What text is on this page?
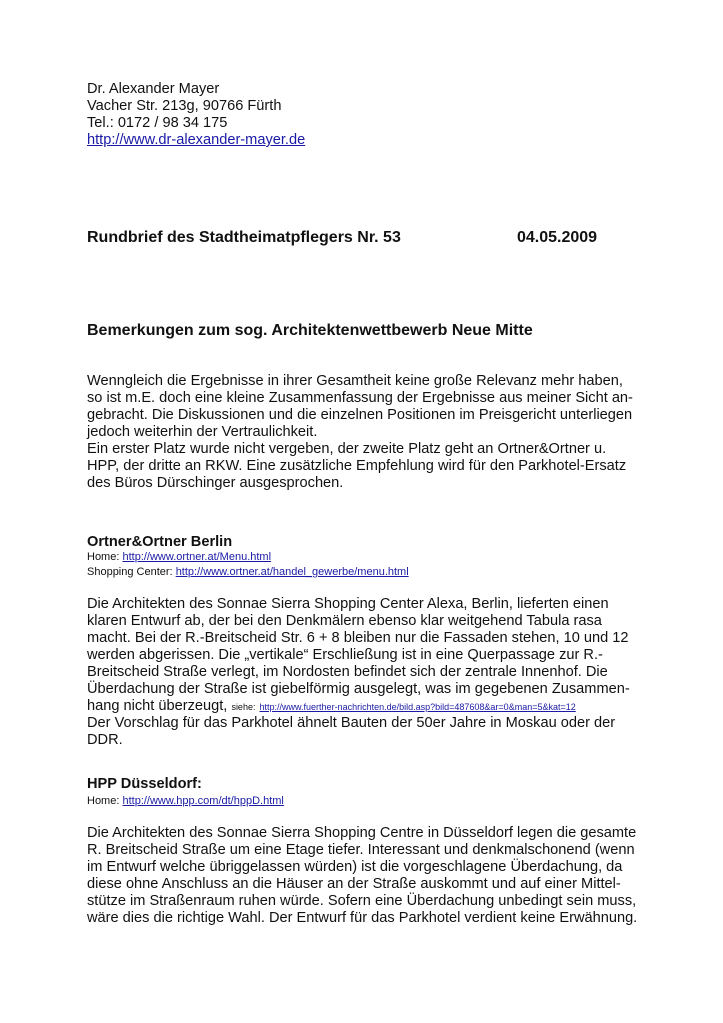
Dr. Alexander Mayer
Vacher Str. 213g, 90766 Fürth
Tel.: 0172 / 98 34 175
http://www.dr-alexander-mayer.de
Rundbrief des Stadtheimatpflegers Nr. 53	04.05.2009
Bemerkungen zum sog. Architektenwettbewerb Neue Mitte
Wenngleich die Ergebnisse in ihrer Gesamtheit keine große Relevanz mehr haben,
so ist m.E. doch eine kleine Zusammenfassung der Ergebnisse aus meiner Sicht an-
gebracht. Die Diskussionen und die einzelnen Positionen im Preisgericht unterliegen
jedoch weiterhin der Vertraulichkeit.
Ein erster Platz wurde nicht vergeben, der zweite Platz geht an Ortner&Ortner u.
HPP, der dritte an RKW. Eine zusätzliche Empfehlung wird für den Parkhotel-Ersatz
des Büros Dürschinger ausgesprochen.
Ortner&Ortner Berlin
Home: http://www.ortner.at/Menu.html
Shopping Center: http://www.ortner.at/handel_gewerbe/menu.html
Die Architekten des Sonnae Sierra Shopping Center Alexa, Berlin, lieferten einen
klaren Entwurf ab, der bei den Denkmälern ebenso klar weitgehend Tabula rasa
macht. Bei der R.-Breitscheid Str. 6 + 8 bleiben nur die Fassaden stehen, 10 und 12
werden abgerissen. Die „vertikale“ Erschließung ist in eine Querpassage zur R.-
Breitscheid Straße verlegt, im Nordosten befindet sich der zentrale Innenhof. Die
Überdachung der Straße ist giebelförmig ausgelegt, was im gegebenen Zusammen-
hang nicht überzeugt, siehe: http://www.fuerther-nachrichten.de/bild.asp?bild=487608&ar=0&man=5&kat=12
Der Vorschlag für das Parkhotel ähnelt Bauten der 50er Jahre in Moskau oder der
DDR.
HPP Düsseldorf:
Home: http://www.hpp.com/dt/hppD.html
Die Architekten des Sonnae Sierra Shopping Centre in Düsseldorf legen die gesamte
R. Breitscheid Straße um eine Etage tiefer. Interessant und denkmalschonend (wenn
im Entwurf welche übriggelassen würden) ist die vorgeschlagene Überdachung, da
diese ohne Anschluss an die Häuser an der Straße auskommt und auf einer Mittel-
stütze im Straßenraum ruhen würde. Sofern eine Überdachung unbedingt sein muss,
wäre dies die richtige Wahl. Der Entwurf für das Parkhotel verdient keine Erwähnung.
